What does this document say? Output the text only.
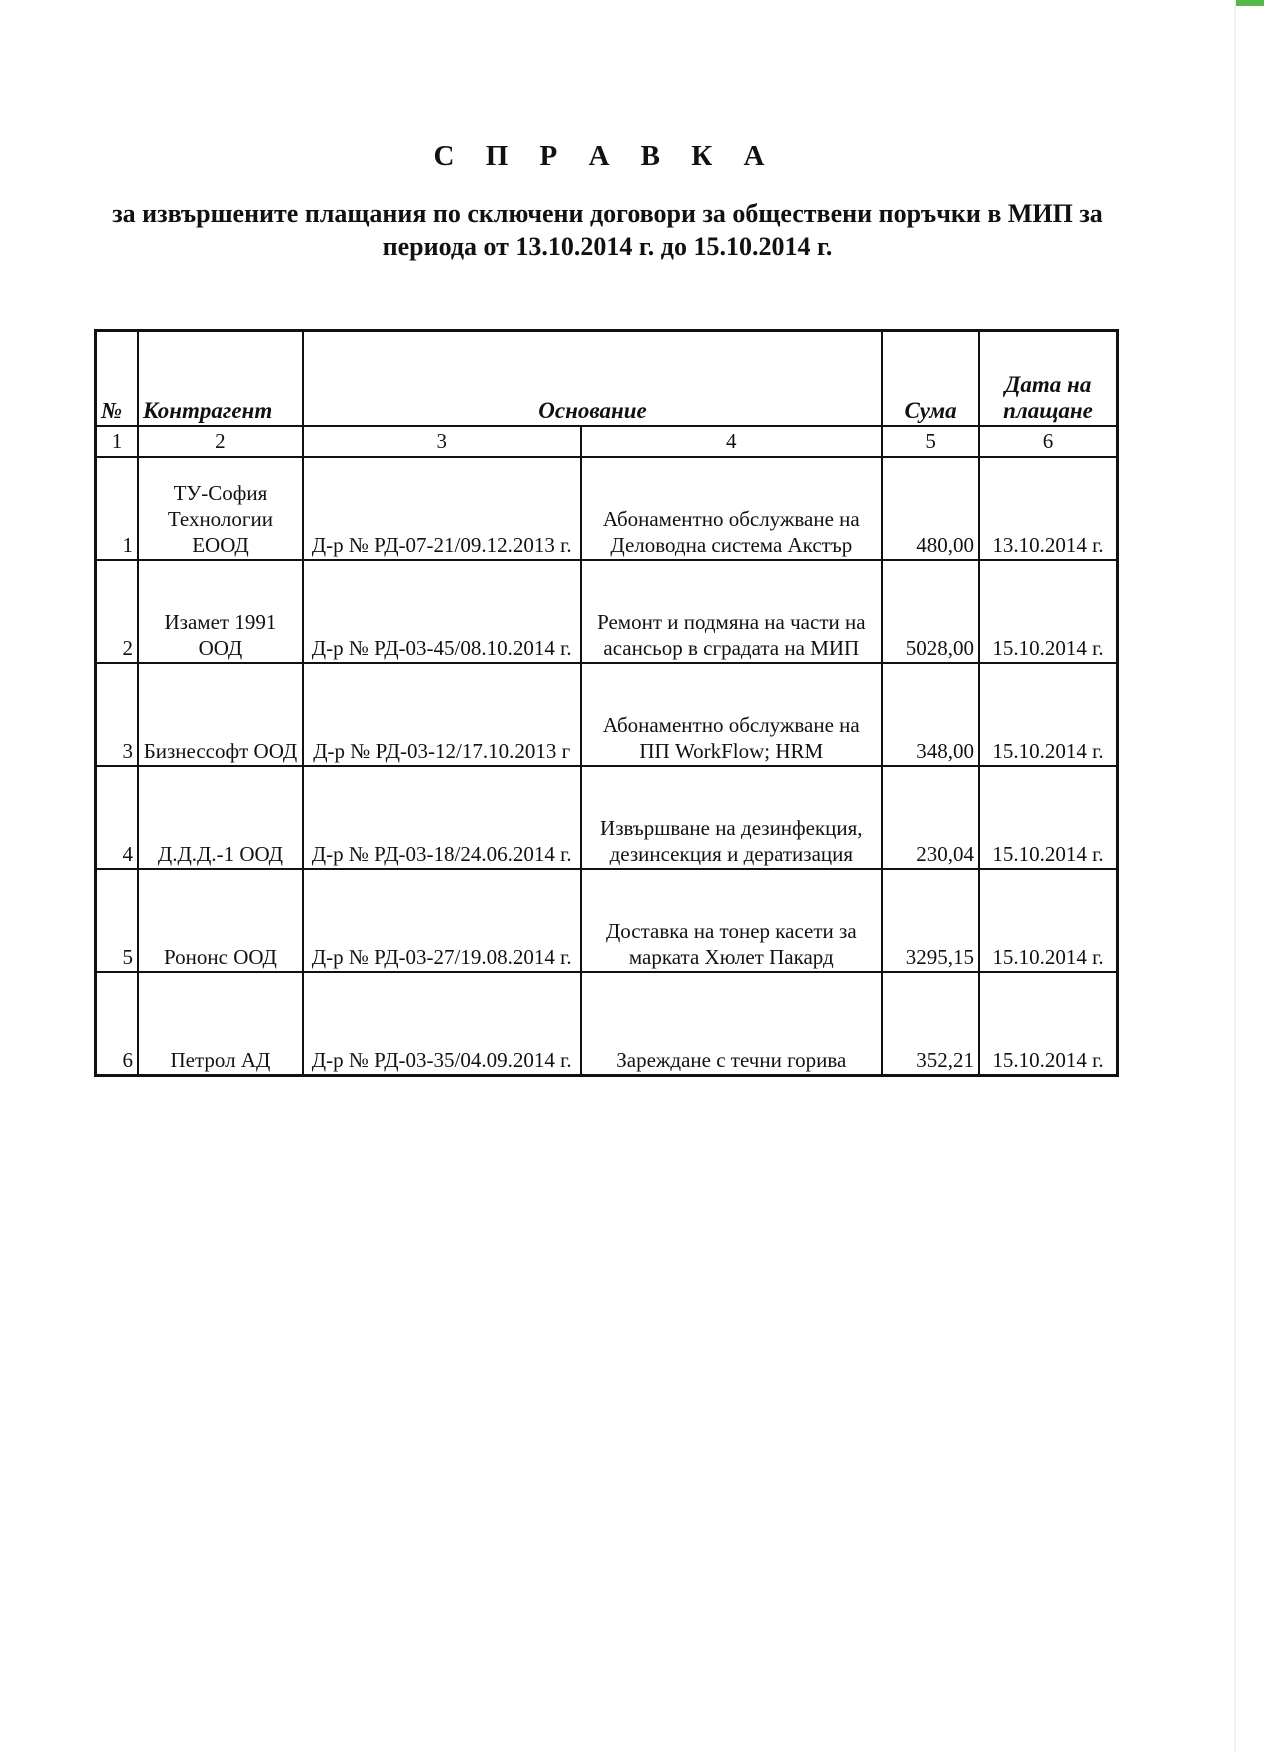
С П Р А В К А
за извършените плащания по сключени договори за обществени поръчки в МИП за периода от 13.10.2014 г. до 15.10.2014 г.
№	Контрагент	Основание		Сума	Дата на плащане
1	2	3	4	5	6
1	ТУ-София Технологии ЕООД	Д-р № РД-07-21/09.12.2013 г.	Абонаментно обслужване на Деловодна система Акстър	480,00	13.10.2014 г.
2	Изамет 1991 ООД	Д-р № РД-03-45/08.10.2014 г.	Ремонт и подмяна на части на асансьор в сградата на МИП	5028,00	15.10.2014 г.
3	Бизнессофт ООД	Д-р № РД-03-12/17.10.2013 г	Абонаментно обслужване на ПП WorkFlow; HRM	348,00	15.10.2014 г.
4	Д.Д.Д.-1 ООД	Д-р № РД-03-18/24.06.2014 г.	Извършване на дезинфекция, дезинсекция и дератизация	230,04	15.10.2014 г.
5	Рононс ООД	Д-р № РД-03-27/19.08.2014 г.	Доставка на тонер касети за марката Хюлет Пакард	3295,15	15.10.2014 г.
6	Петрол АД	Д-р № РД-03-35/04.09.2014 г.	Зареждане с течни горива	352,21	15.10.2014 г.
